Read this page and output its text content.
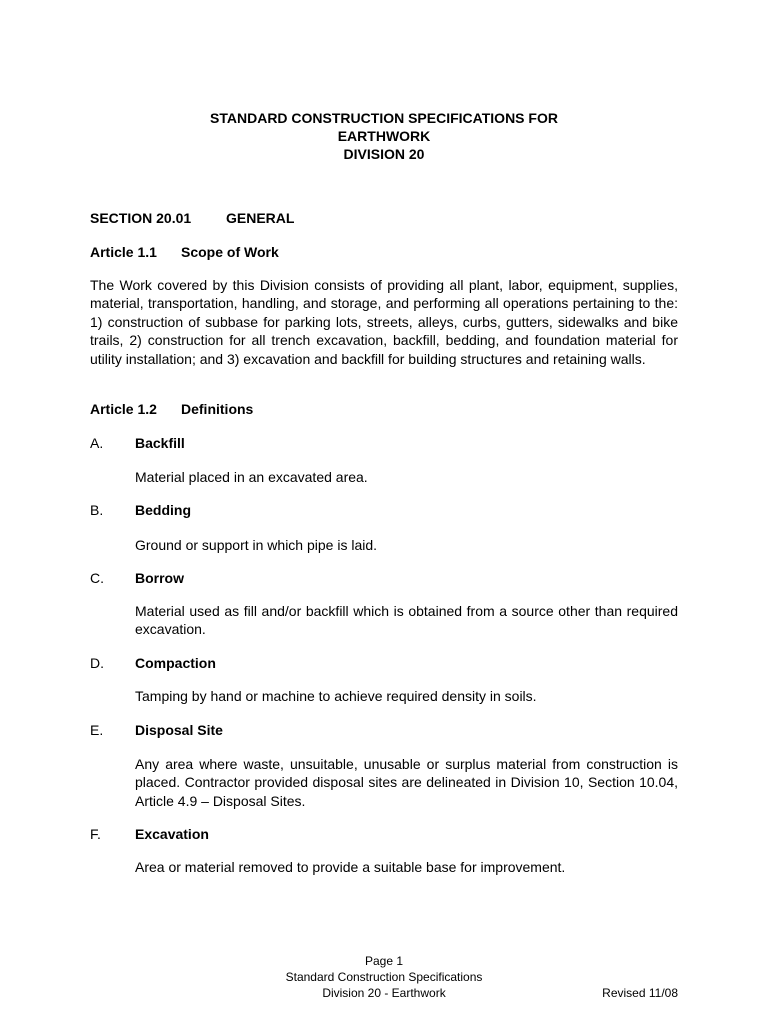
STANDARD CONSTRUCTION SPECIFICATIONS FOR
EARTHWORK
DIVISION 20
SECTION 20.01 GENERAL
Article 1.1 Scope of Work

The Work covered by this Division consists of providing all plant, labor, equipment, supplies, material, transportation, handling, and storage, and performing all operations pertaining to the: 1) construction of subbase for parking lots, streets, alleys, curbs, gutters, sidewalks and bike trails, 2) construction for all trench excavation, backfill, bedding, and foundation material for utility installation; and 3) excavation and backfill for building structures and retaining walls.

Article 1.2 Definitions
A. Backfill

Material placed in an excavated area.

B. Bedding

Ground or support in which pipe is laid.

C. Borrow

Material used as fill and/or backfill which is obtained from a source other than required excavation.

D. Compaction

Tamping by hand or machine to achieve required density in soils.

E. Disposal Site

Any area where waste, unsuitable, unusable or surplus material from construction is placed. Contractor provided disposal sites are delineated in Division 10, Section 10.04, Article 4.9 – Disposal Sites.

F. Excavation

Area or material removed to provide a suitable base for improvement.

Page 1
Standard Construction Specifications
Division 20 - Earthwork	Revised 11/08
